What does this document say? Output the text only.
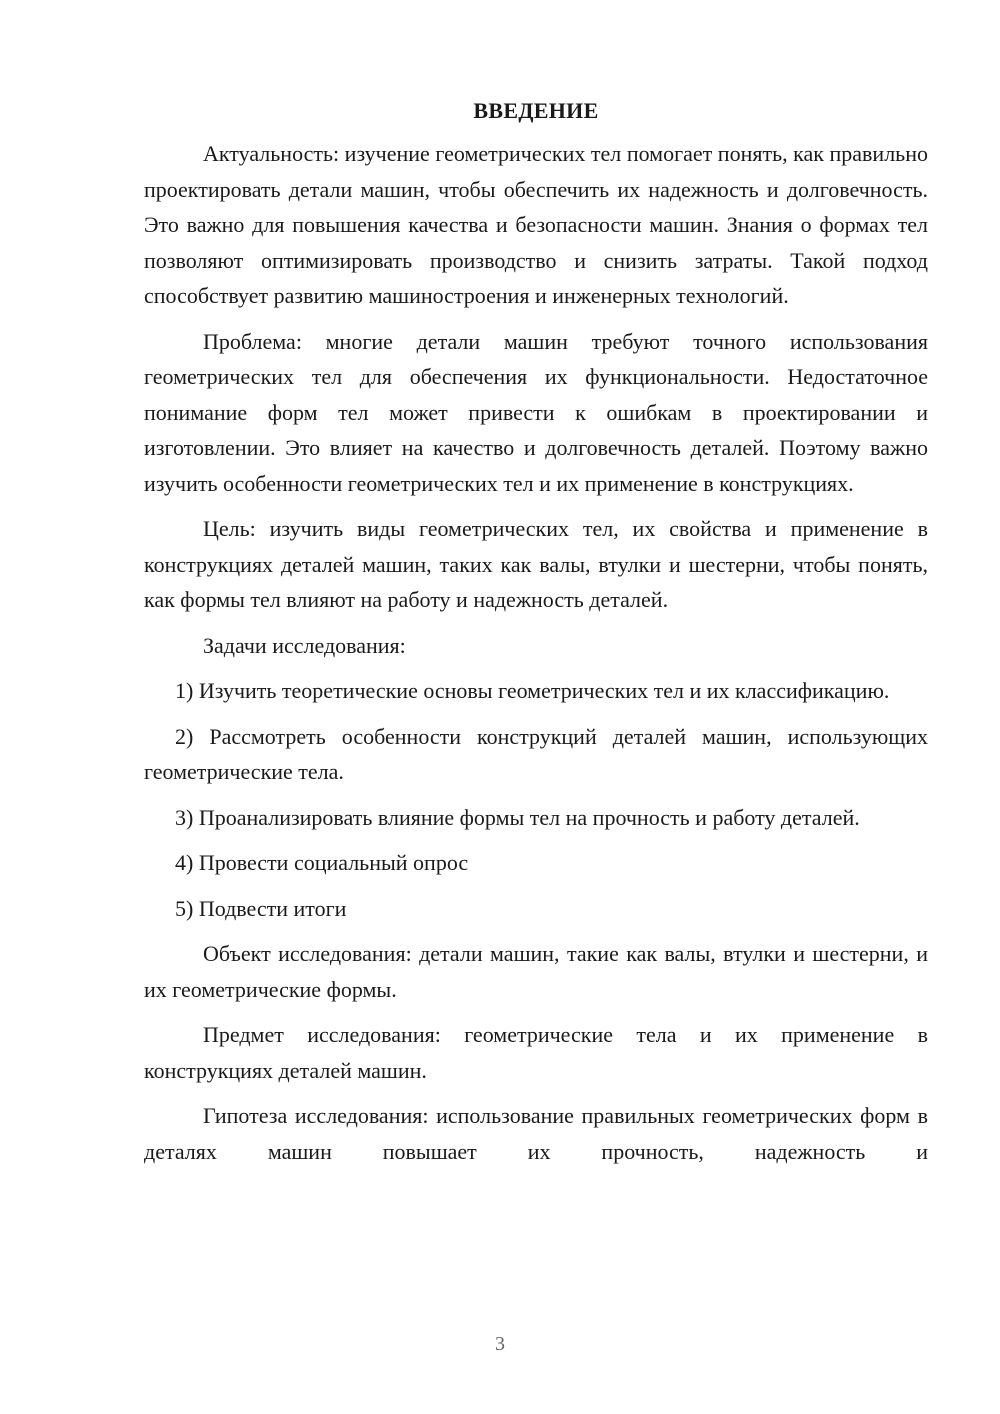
ВВЕДЕНИЕ

Актуальность: изучение геометрических тел помогает понять, как правильно проектировать детали машин, чтобы обеспечить их надежность и долговечность. Это важно для повышения качества и безопасности машин. Знания о формах тел позволяют оптимизировать производство и снизить затраты. Такой подход способствует развитию машиностроения и инженерных технологий.

Проблема: многие детали машин требуют точного использования геометрических тел для обеспечения их функциональности. Недостаточное понимание форм тел может привести к ошибкам в проектировании и изготовлении. Это влияет на качество и долговечность деталей. Поэтому важно изучить особенности геометрических тел и их применение в конструкциях.

Цель: изучить виды геометрических тел, их свойства и применение в конструкциях деталей машин, таких как валы, втулки и шестерни, чтобы понять, как формы тел влияют на работу и надежность деталей.

Задачи исследования:

1) Изучить теоретические основы геометрических тел и их классификацию.

2) Рассмотреть особенности конструкций деталей машин, использующих геометрические тела.

3) Проанализировать влияние формы тел на прочность и работу деталей.

4) Провести социальный опрос

5) Подвести итоги

Объект исследования: детали машин, такие как валы, втулки и шестерни, и их геометрические формы.

Предмет исследования: геометрические тела и их применение в конструкциях деталей машин.

Гипотеза исследования: использование правильных геометрических форм в деталях машин повышает их прочность, надежность и

3
